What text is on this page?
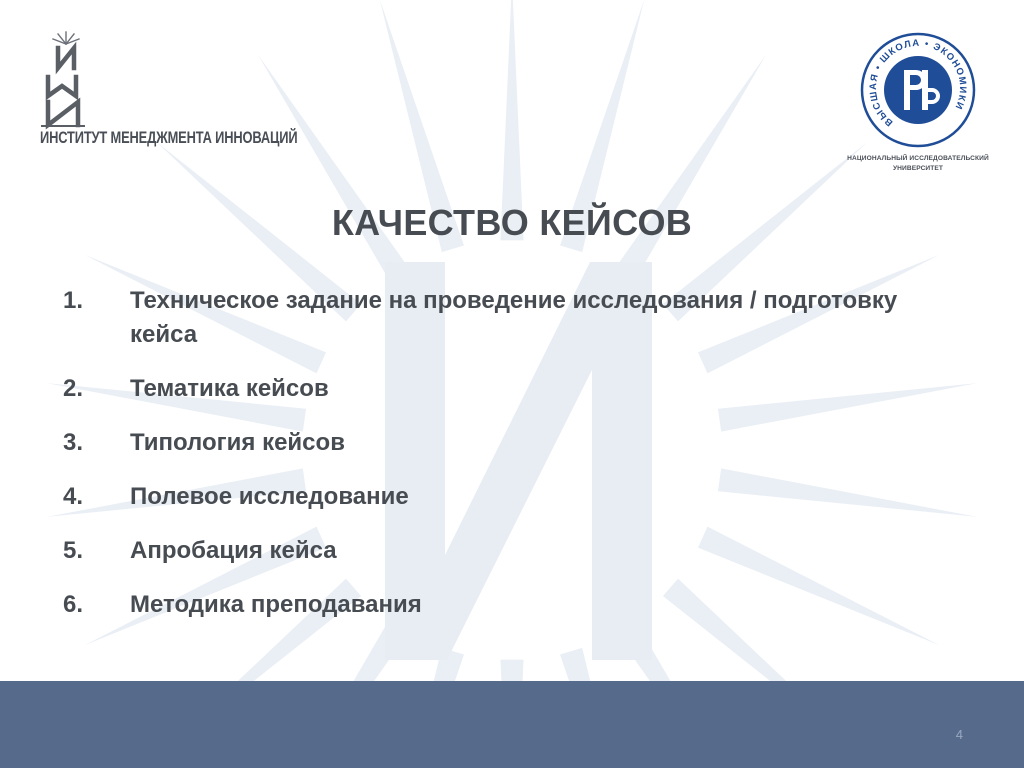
ИНСТИТУТ МЕНЕДЖМЕНТА ИННОВАЦИЙ
ВЫСШАЯ • ШКОЛА • ЭКОНОМИКИ
НАЦИОНАЛЬНЫЙ ИССЛЕДОВАТЕЛЬСКИЙ
УНИВЕРСИТЕТ
КАЧЕСТВО КЕЙСОВ
1.	Техническое задание на проведение исследования / подготовку кейса
2.	Тематика кейсов
3.	Типология кейсов
4.	Полевое исследование
5.	Апробация кейса
6.	Методика преподавания
4
